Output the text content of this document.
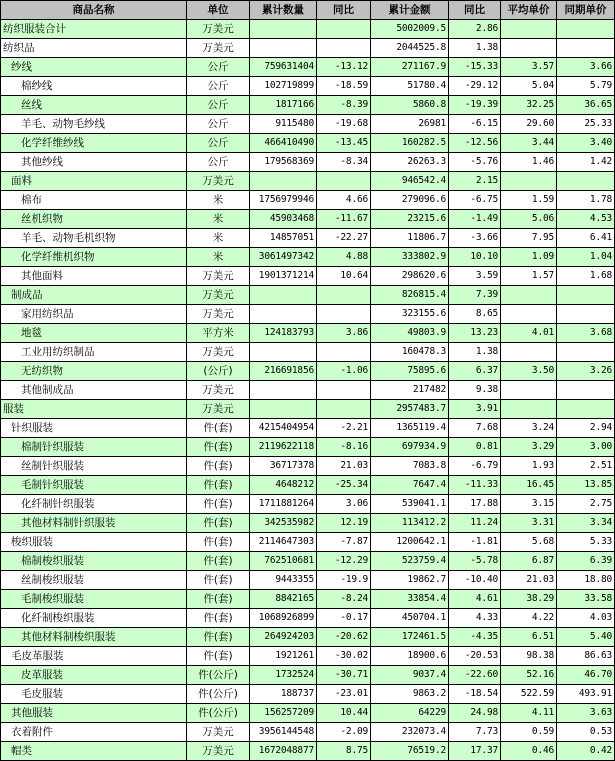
商品名称	单位	累计数量	同比	累计金额	同比	平均单价	同期单价
纺织服装合计	万美元			5002009.5	2.86		
纺织品	万美元			2044525.8	1.38		
纱线	公斤	759631404	-13.12	271167.9	-15.33	3.57	3.66
棉纱线	公斤	102719899	-18.59	51780.4	-29.12	5.04	5.79
丝线	公斤	1817166	-8.39	5860.8	-19.39	32.25	36.65
羊毛、动物毛纱线	公斤	9115480	-19.68	26981	-6.15	29.60	25.33
化学纤维纱线	公斤	466410490	-13.45	160282.5	-12.56	3.44	3.40
其他纱线	公斤	179568369	-8.34	26263.3	-5.76	1.46	1.42
面料	万美元			946542.4	2.15		
棉布	米	1756979946	4.66	279096.6	-6.75	1.59	1.78
丝机织物	米	45903468	-11.67	23215.6	-1.49	5.06	4.53
羊毛、动物毛机织物	米	14857051	-22.27	11806.7	-3.66	7.95	6.41
化学纤维机织物	米	3061497342	4.88	333802.9	10.10	1.09	1.04
其他面料	万美元	1901371214	10.64	298620.6	3.59	1.57	1.68
制成品	万美元			826815.4	7.39		
家用纺织品	万美元			323155.6	8.65		
地毯	平方米	124183793	3.86	49803.9	13.23	4.01	3.68
工业用纺织制品	万美元			160478.3	1.38		
无纺织物	(公斤)	216691856	-1.06	75895.6	6.37	3.50	3.26
其他制成品	万美元			217482	9.38		
服装	万美元			2957483.7	3.91		
针织服装	件(套)	4215404954	-2.21	1365119.4	7.68	3.24	2.94
棉制针织服装	件(套)	2119622118	-8.16	697934.9	0.81	3.29	3.00
丝制针织服装	件(套)	36717378	21.03	7083.8	-6.79	1.93	2.51
毛制针织服装	件(套)	4648212	-25.34	7647.4	-11.33	16.45	13.85
化纤制针织服装	件(套)	1711881264	3.06	539041.1	17.88	3.15	2.75
其他材料制针织服装	件(套)	342535982	12.19	113412.2	11.24	3.31	3.34
梭织服装	件(套)	2114647303	-7.87	1200642.1	-1.81	5.68	5.33
棉制梭织服装	件(套)	762510681	-12.29	523759.4	-5.78	6.87	6.39
丝制梭织服装	件(套)	9443355	-19.9	19862.7	-10.40	21.03	18.80
毛制梭织服装	件(套)	8842165	-8.24	33854.4	4.61	38.29	33.58
化纤制梭织服装	件(套)	1068926899	-0.17	450704.1	4.33	4.22	4.03
其他材料制梭织服装	件(套)	264924203	-20.62	172461.5	-4.35	6.51	5.40
毛皮革服装	件(套)	1921261	-30.02	18900.6	-20.53	98.38	86.63
皮革服装	件(公斤)	1732524	-30.71	9037.4	-22.60	52.16	46.70
毛皮服装	件(公斤)	188737	-23.01	9863.2	-18.54	522.59	493.91
其他服装	件(公斤)	156257209	10.44	64229	24.98	4.11	3.63
衣着附件	万美元	3956144548	-2.09	232073.4	7.73	0.59	0.53
帽类	万美元	1672048877	8.75	76519.2	17.37	0.46	0.42
